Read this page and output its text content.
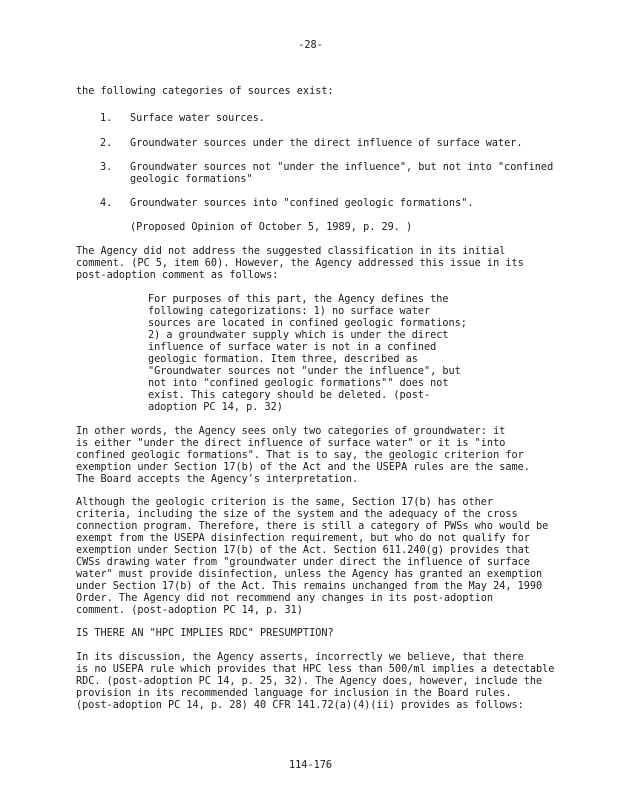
-28-
the following categories of sources exist:
1. Surface water sources.
2. Groundwater sources under the direct influence of surface water.
3. Groundwater sources not "under the influence", but not into "confined
geologic formations"
4. Groundwater sources into "confined geologic formations".
(Proposed Opinion of October 5, 1989, p. 29. )
The Agency did not address the suggested classification in its initial
comment. (PC 5, item 60). However, the Agency addressed this issue in its
post-adoption comment as follows:
For purposes of this part, the Agency defines the
following categorizations: 1) no surface water
sources are located in confined geologic formations;
2) a groundwater supply which is under the direct
influence of surface water is not in a confined
geologic formation. Item three, described as
"Groundwater sources not "under the influence", but
not into "confined geologic formations"" does not
exist. This category should be deleted. (post-
adoption PC 14, p. 32)
In other words, the Agency sees only two categories of groundwater: it
is either "under the direct influence of surface water" or it is "into
confined geologic formations". That is to say, the geologic criterion for
exemption under Section 17(b) of the Act and the USEPA rules are the same.
The Board accepts the Agency's interpretation.
Although the geologic criterion is the same, Section 17(b) has other
criteria, including the size of the system and the adequacy of the cross
connection program. Therefore, there is still a category of PWSs who would be
exempt from the USEPA disinfection requirement, but who do not qualify for
exemption under Section 17(b) of the Act. Section 611.240(g) provides that
CWSs drawing water from "groundwater under direct the influence of surface
water" must provide disinfection, unless the Agency has granted an exemption
under Section 17(b) of the Act. This remains unchanged from the May 24, 1990
Order. The Agency did not recommend any changes in its post-adoption
comment. (post-adoption PC 14, p. 31)
IS THERE AN "HPC IMPLIES RDC" PRESUMPTION?
In its discussion, the Agency asserts, incorrectly we believe, that there
is no USEPA rule which provides that HPC less than 500/ml implies a detectable
RDC. (post-adoption PC 14, p. 25, 32). The Agency does, however, include the
provision in its recommended language for inclusion in the Board rules.
(post-adoption PC 14, p. 28) 40 CFR 141.72(a)(4)(ii) provides as follows:
114-176
